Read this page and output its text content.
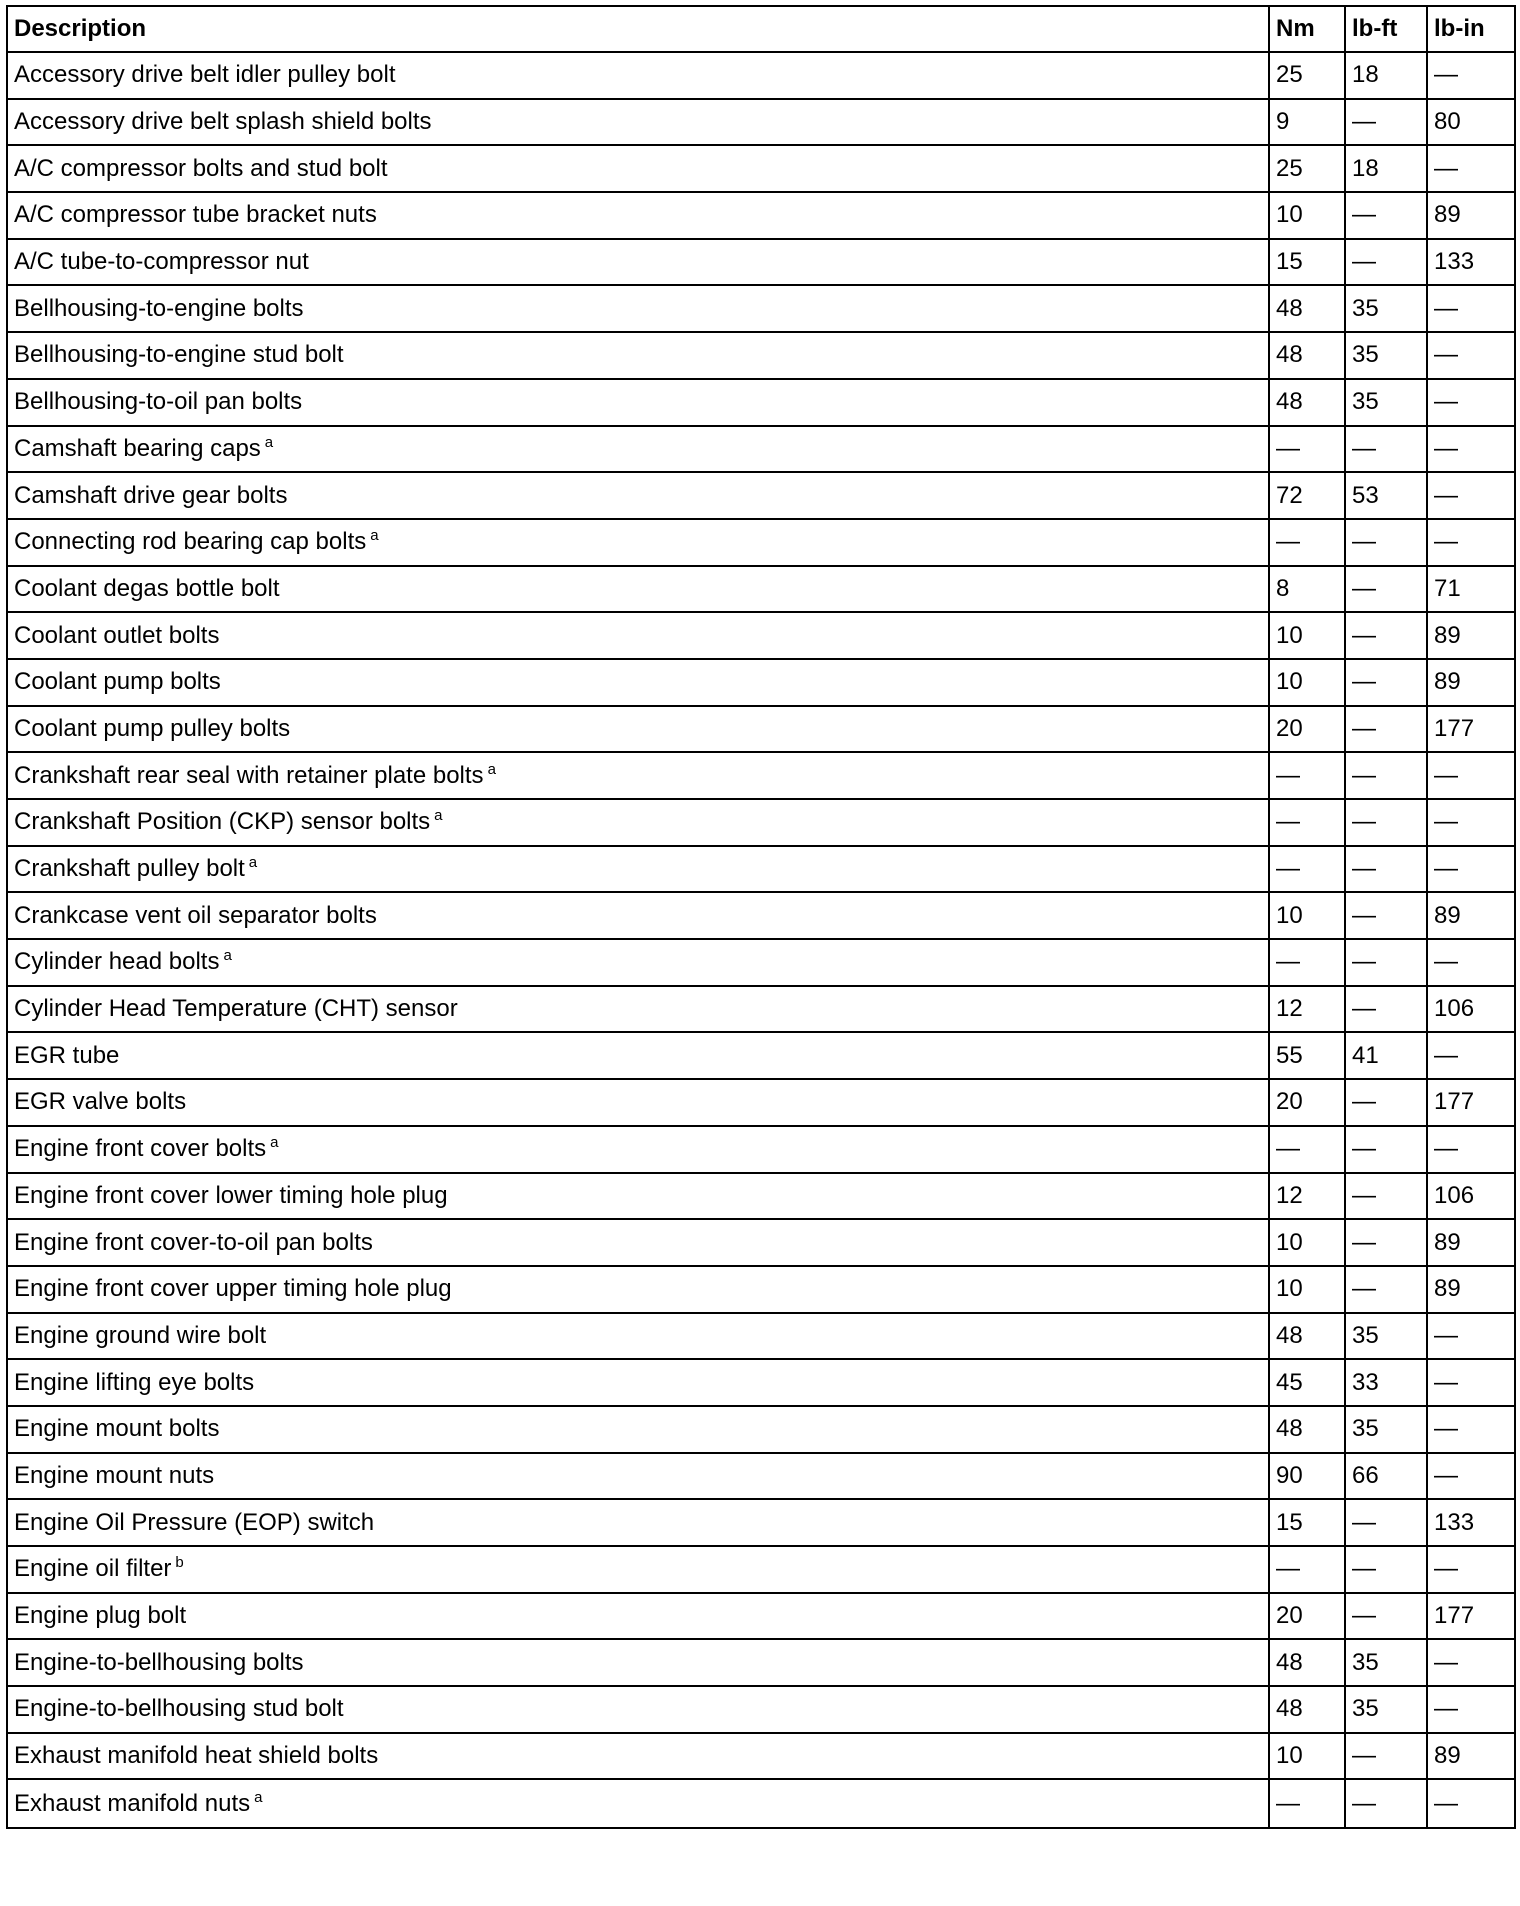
Description	Nm	lb-ft	lb-in
Accessory drive belt idler pulley bolt	25	18	—
Accessory drive belt splash shield bolts	9	—	80
A/C compressor bolts and stud bolt	25	18	—
A/C compressor tube bracket nuts	10	—	89
A/C tube-to-compressor nut	15	—	133
Bellhousing-to-engine bolts	48	35	—
Bellhousing-to-engine stud bolt	48	35	—
Bellhousing-to-oil pan bolts	48	35	—
Camshaft bearing caps $^a$	—	—	—
Camshaft drive gear bolts	72	53	—
Connecting rod bearing cap bolts $^a$	—	—	—
Coolant degas bottle bolt	8	—	71
Coolant outlet bolts	10	—	89
Coolant pump bolts	10	—	89
Coolant pump pulley bolts	20	—	177
Crankshaft rear seal with retainer plate bolts $^a$	—	—	—
Crankshaft Position (CKP) sensor bolts $^a$	—	—	—
Crankshaft pulley bolt $^a$	—	—	—
Crankcase vent oil separator bolts	10	—	89
Cylinder head bolts $^a$	—	—	—
Cylinder Head Temperature (CHT) sensor	12	—	106
EGR tube	55	41	—
EGR valve bolts	20	—	177
Engine front cover bolts $^a$	—	—	—
Engine front cover lower timing hole plug	12	—	106
Engine front cover-to-oil pan bolts	10	—	89
Engine front cover upper timing hole plug	10	—	89
Engine ground wire bolt	48	35	—
Engine lifting eye bolts	45	33	—
Engine mount bolts	48	35	—
Engine mount nuts	90	66	—
Engine Oil Pressure (EOP) switch	15	—	133
Engine oil filter $^b$	—	—	—
Engine plug bolt	20	—	177
Engine-to-bellhousing bolts	48	35	—
Engine-to-bellhousing stud bolt	48	35	—
Exhaust manifold heat shield bolts	10	—	89
Exhaust manifold nuts $^a$	—	—	—
